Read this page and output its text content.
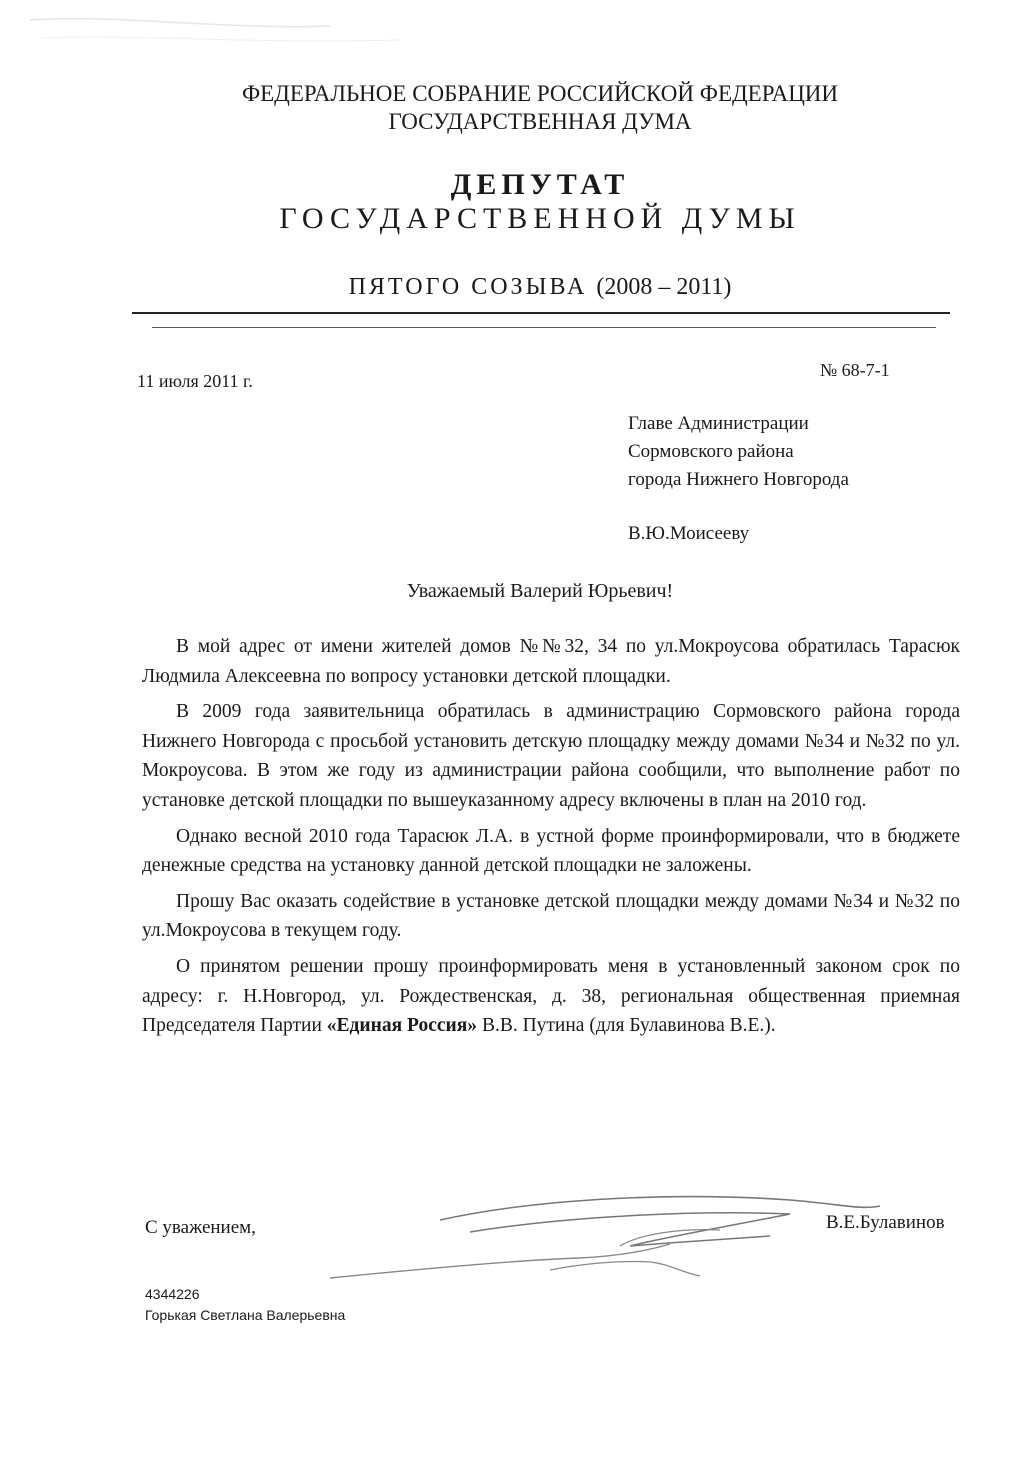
ФЕДЕРАЛЬНОЕ СОБРАНИЕ РОССИЙСКОЙ ФЕДЕРАЦИИ
ГОСУДАРСТВЕННАЯ ДУМА
ДЕПУТАТ
ГОСУДАРСТВЕННОЙ ДУМЫ
ПЯТОГО СОЗЫВА (2008 – 2011)
11 июля 2011 г.
№ 68-7-1
Главе Администрации
Сормовского района
города Нижнего Новгорода
В.Ю.Моисееву
Уважаемый Валерий Юрьевич!

В мой адрес от имени жителей домов №№32, 34 по ул.Мокроусова обратилась Тарасюк Людмила Алексеевна по вопросу установки детской площадки.

В 2009 года заявительница обратилась в администрацию Сормовского района города Нижнего Новгорода с просьбой установить детскую площадку между домами №34 и №32 по ул. Мокроусова. В этом же году из администрации района сообщили, что выполнение работ по установке детской площадки по вышеуказанному адресу включены в план на 2010 год.

Однако весной 2010 года Тарасюк Л.А. в устной форме проинформировали, что в бюджете денежные средства на установку данной детской площадки не заложены.

Прошу Вас оказать содействие в установке детской площадки между домами №34 и №32 по ул.Мокроусова в текущем году.

О принятом решении прошу проинформировать меня в установленный законом срок по адресу: г. Н.Новгород, ул. Рождественская, д. 38, региональная общественная приемная Председателя Партии «Единая Россия» В.В. Путина (для Булавинова В.Е.).

С уважением,	В.Е.Булавинов
4344226
Горькая Светлана Валерьевна
